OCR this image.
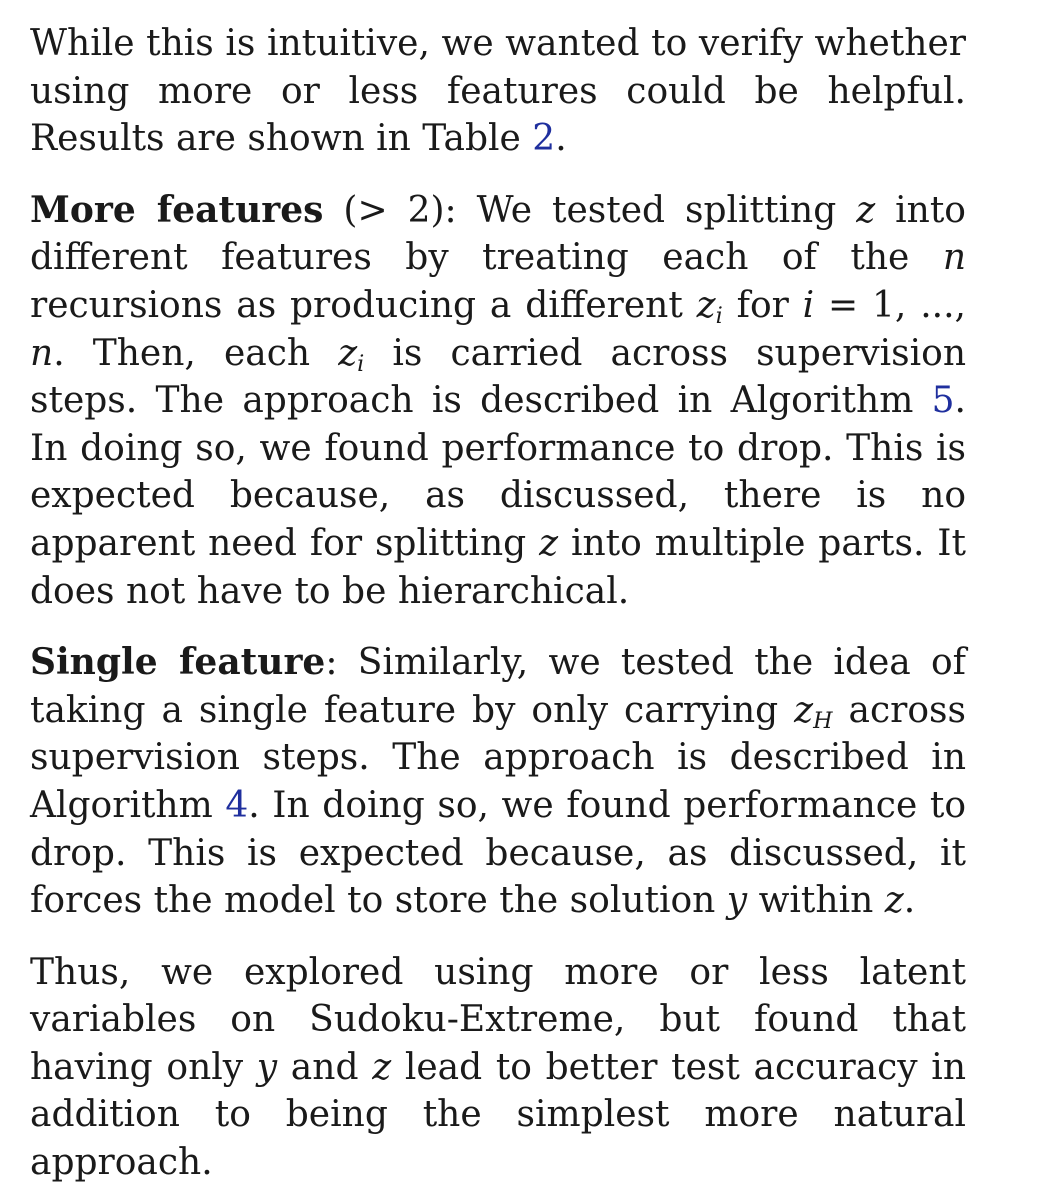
While this is intuitive, we wanted to verify whether using more or less features could be helpful. Results are shown in Table 2.

More features (> 2): We tested splitting z into different features by treating each of the n recursions as producing a different $z_i$ for i = 1, ..., n. Then, each $z_i$ is carried across supervision steps. The approach is described in Algorithm 5. In doing so, we found performance to drop. This is expected because, as discussed, there is no apparent need for splitting z into multiple parts. It does not have to be hierarchical.

Single feature: Similarly, we tested the idea of taking a single feature by only carrying $z_H$ across supervision steps. The approach is described in Algorithm 4. In doing so, we found performance to drop. This is expected because, as discussed, it forces the model to store the solution y within z.

Thus, we explored using more or less latent variables on Sudoku-Extreme, but found that having only y and z lead to better test accuracy in addition to being the simplest more natural approach.
